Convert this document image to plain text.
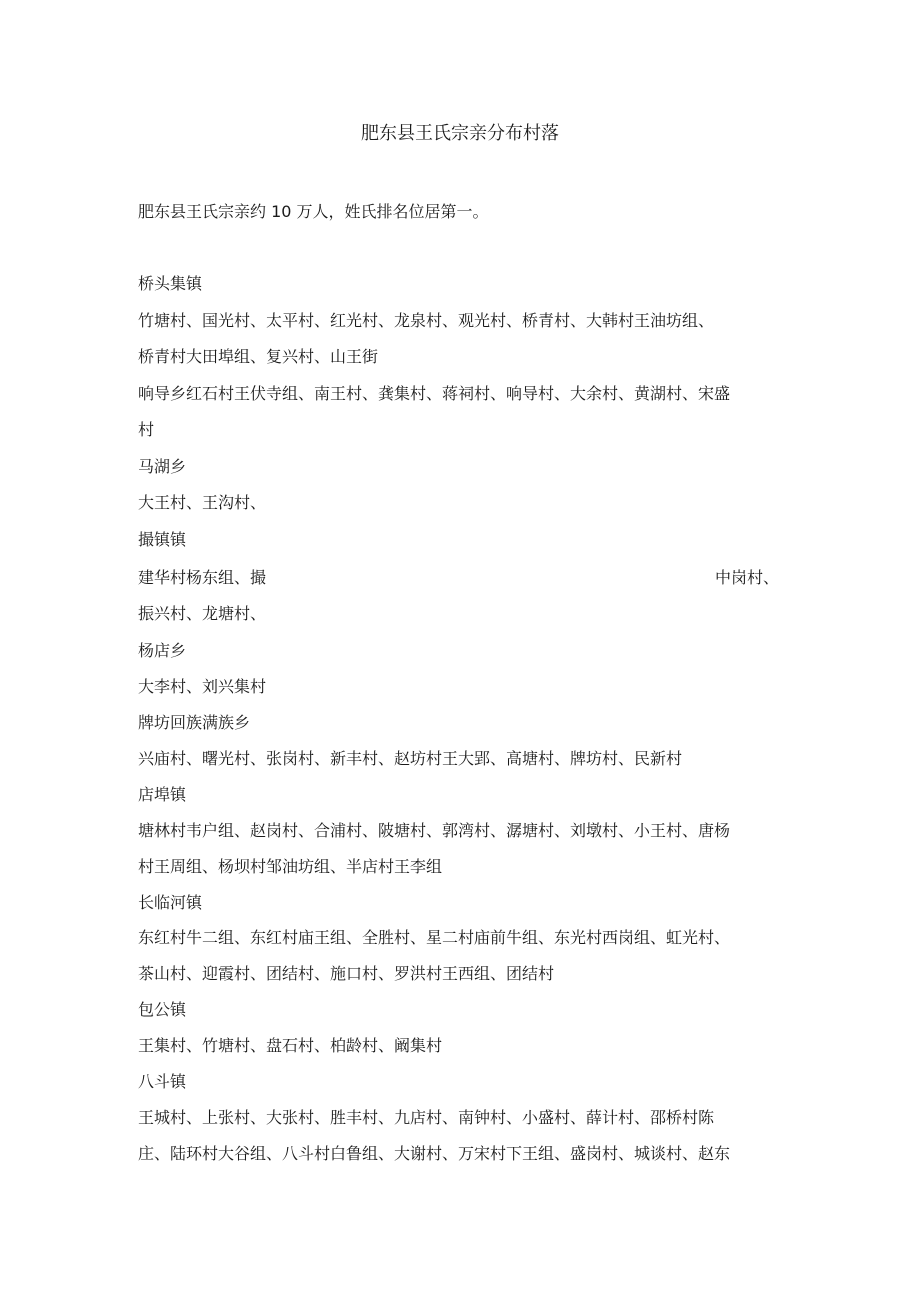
肥东县王氏宗亲分布村落
肥东县王氏宗亲约 10 万人，姓氏排名位居第一。
桥头集镇
竹塘村、国光村、太平村、红光村、龙泉村、观光村、桥青村、大韩村王油坊组、
桥青村大田埠组、复兴村、山王街
响导乡红石村王伏寺组、南王村、龚集村、蒋祠村、响导村、大余村、黄湖村、宋盛
村
马湖乡
大王村、王沟村、
撮镇镇
建华村杨东组、撮	中岗村、
振兴村、龙塘村、
杨店乡
大李村、刘兴集村
牌坊回族满族乡
兴庙村、曙光村、张岗村、新丰村、赵坊村王大郢、高塘村、牌坊村、民新村
店埠镇
塘林村韦户组、赵岗村、合浦村、陂塘村、郭湾村、潺塘村、刘墩村、小王村、唐杨
村王周组、杨坝村邹油坊组、半店村王李组
长临河镇
东红村牛二组、东红村庙王组、全胜村、星二村庙前牛组、东光村西岗组、虹光村、
茶山村、迎霞村、团结村、施口村、罗洪村王西组、团结村
包公镇
王集村、竹塘村、盘石村、柏龄村、阚集村
八斗镇
王城村、上张村、大张村、胜丰村、九店村、南钟村、小盛村、薛计村、邵桥村陈
庄、陆环村大谷组、八斗村白鲁组、大谢村、万宋村下王组、盛岗村、城谈村、赵东
